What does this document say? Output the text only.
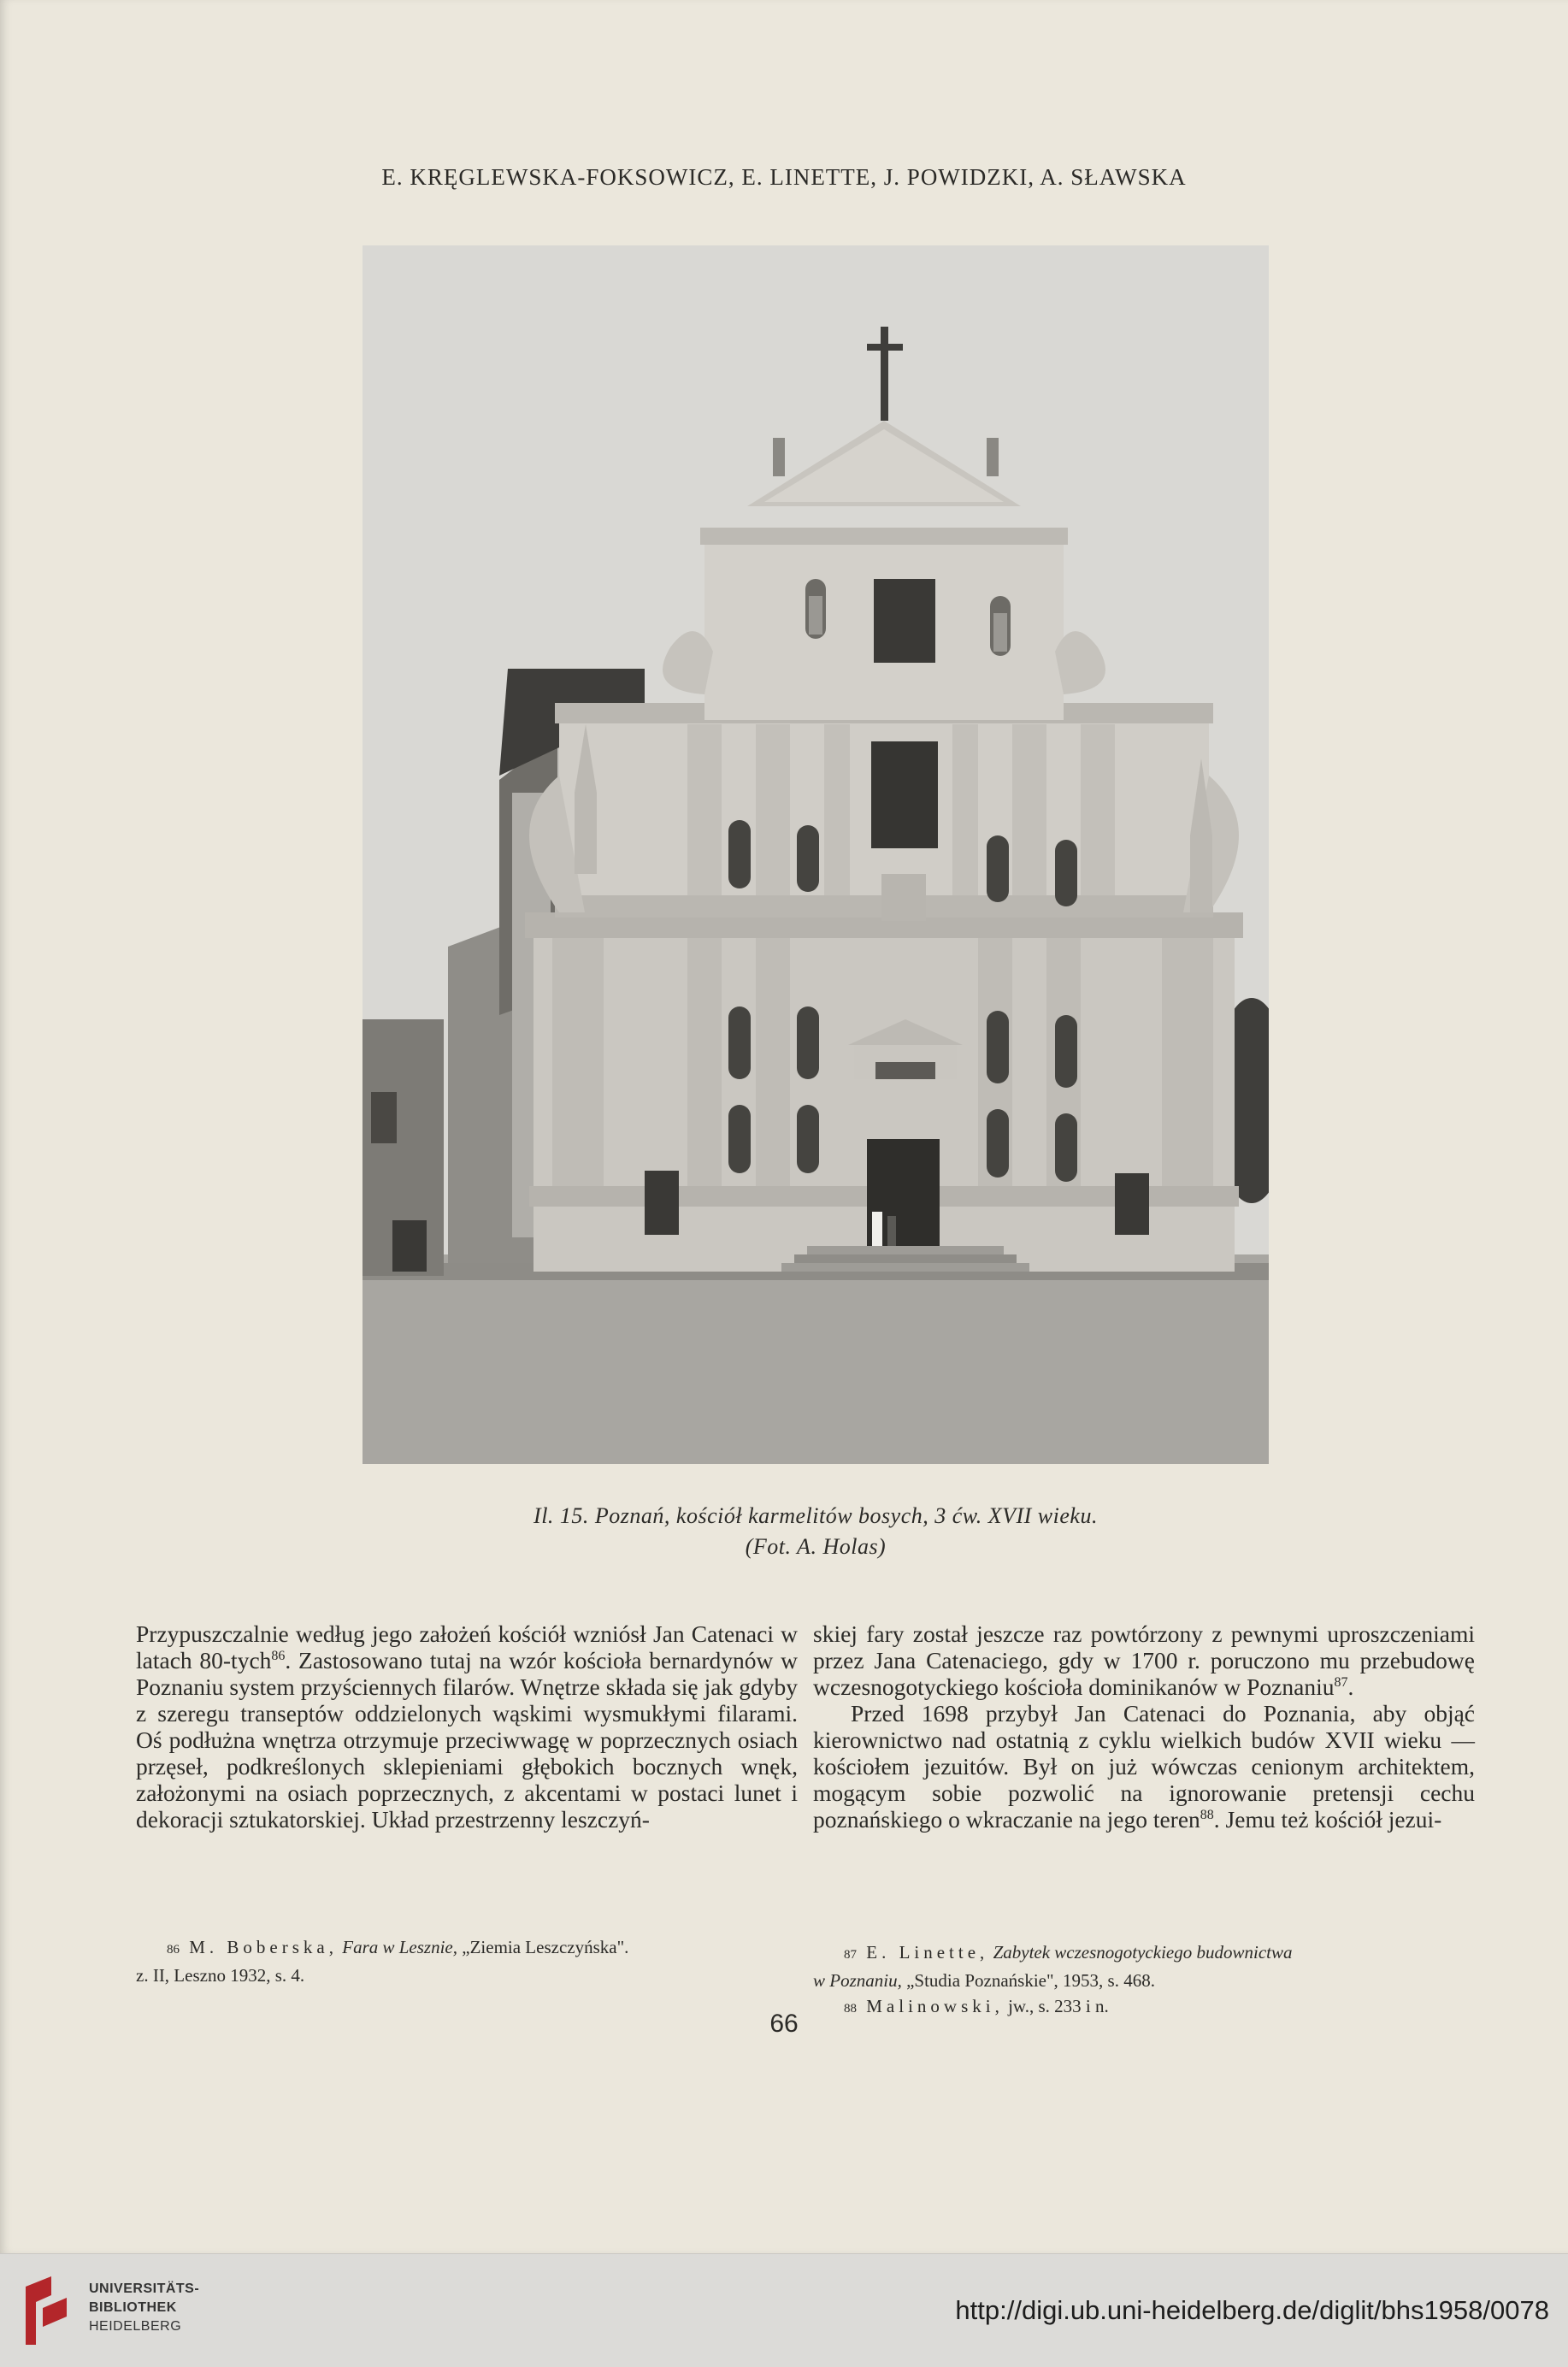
E. KRĘGLEWSKA-FOKSOWICZ, E. LINETTE, J. POWIDZKI, A. SŁAWSKA
Il. 15. Poznań, kościół karmelitów bosych, 3 ćw. XVII wieku.
(Fot. A. Holas)

Przypuszczalnie według jego założeń kościół wzniósł Jan Catenaci w latach 80-tych$^{86}$. Zastosowano tutaj na wzór kościoła bernardynów w Poznaniu system przyściennych filarów. Wnętrze składa się jak gdyby z szeregu transeptów oddzielonych wąskimi wysmukłymi filarami. Oś podłużna wnętrza otrzymuje przeciwwagę w poprzecznych osiach przęseł, podkreślonych sklepieniami głębokich bocznych wnęk, założonymi na osiach poprzecznych, z akcentami w postaci lunet i dekoracji sztukatorskiej. Układ przestrzenny leszczyń-

skiej fary został jeszcze raz powtórzony z pewnymi uproszczeniami przez Jana Catenaciego, gdy w 1700 r. poruczono mu przebudowę wczesnogotyckiego kościoła dominikanów w Poznaniu$^{87}$.

Przed 1698 przybył Jan Catenaci do Poznania, aby objąć kierownictwo nad ostatnią z cyklu wielkich budów XVII wieku — kościołem jezuitów. Był on już wówczas cenionym architektem, mogącym sobie pozwolić na ignorowanie pretensji cechu poznańskiego o wkraczanie na jego teren$^{88}$. Jemu też kościół jezui-

86 M. Boberska, Fara w Lesznie, „Ziemia Leszczyńska".
z. II, Leszno 1932, s. 4.
87 E. Linette, Zabytek wczesnogotyckiego budownictwa
w Poznaniu, „Studia Poznańskie", 1953, s. 468.
88 Malinowski, jw., s. 233 i n.
66
UNIVERSITÄTS-
BIBLIOTHEK
HEIDELBERG
http://digi.ub.uni-heidelberg.de/diglit/bhs1958/0078
